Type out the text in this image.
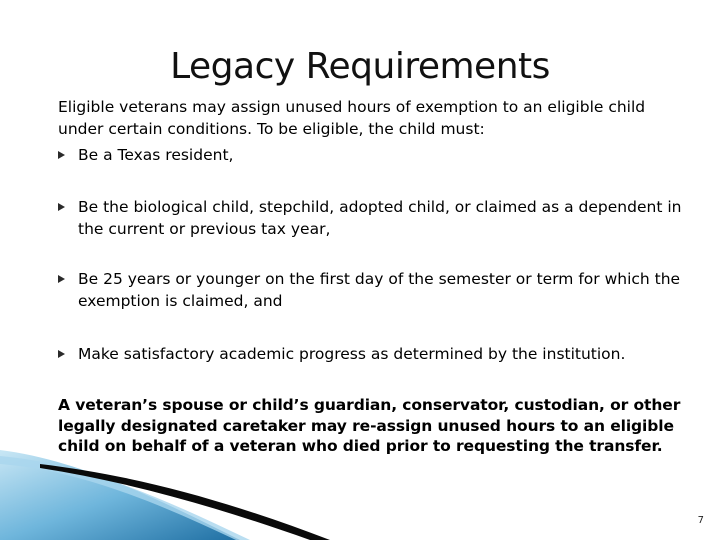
Legacy Requirements

Eligible veterans may assign unused hours of exemption to an eligible child under certain conditions. To be eligible, the child must:

Be a Texas resident,
Be the biological child, stepchild, adopted child, or claimed as a dependent in the current or previous tax year,
Be 25 years or younger on the first day of the semester or term for which the exemption is claimed, and
Make satisfactory academic progress as determined by the institution.

A veteran’s spouse or child’s guardian, conservator, custodian, or other legally designated caretaker may re-assign unused hours to an eligible child on behalf of a veteran who died prior to requesting the transfer.

7
